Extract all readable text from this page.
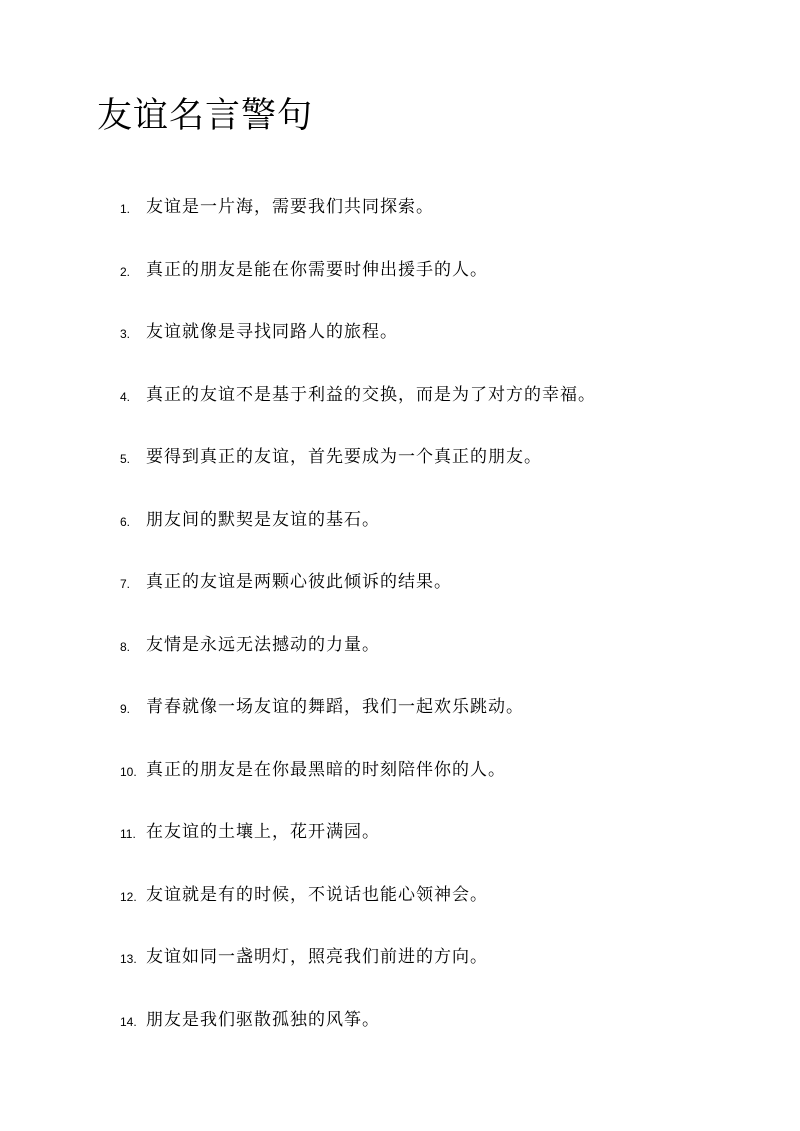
友谊名言警句
1. 友谊是一片海，需要我们共同探索。
2. 真正的朋友是能在你需要时伸出援手的人。
3. 友谊就像是寻找同路人的旅程。
4. 真正的友谊不是基于利益的交换，而是为了对方的幸福。
5. 要得到真正的友谊，首先要成为一个真正的朋友。
6. 朋友间的默契是友谊的基石。
7. 真正的友谊是两颗心彼此倾诉的结果。
8. 友情是永远无法撼动的力量。
9. 青春就像一场友谊的舞蹈，我们一起欢乐跳动。
10. 真正的朋友是在你最黑暗的时刻陪伴你的人。
11. 在友谊的土壤上，花开满园。
12. 友谊就是有的时候，不说话也能心领神会。
13. 友谊如同一盏明灯，照亮我们前进的方向。
14. 朋友是我们驱散孤独的风筝。
